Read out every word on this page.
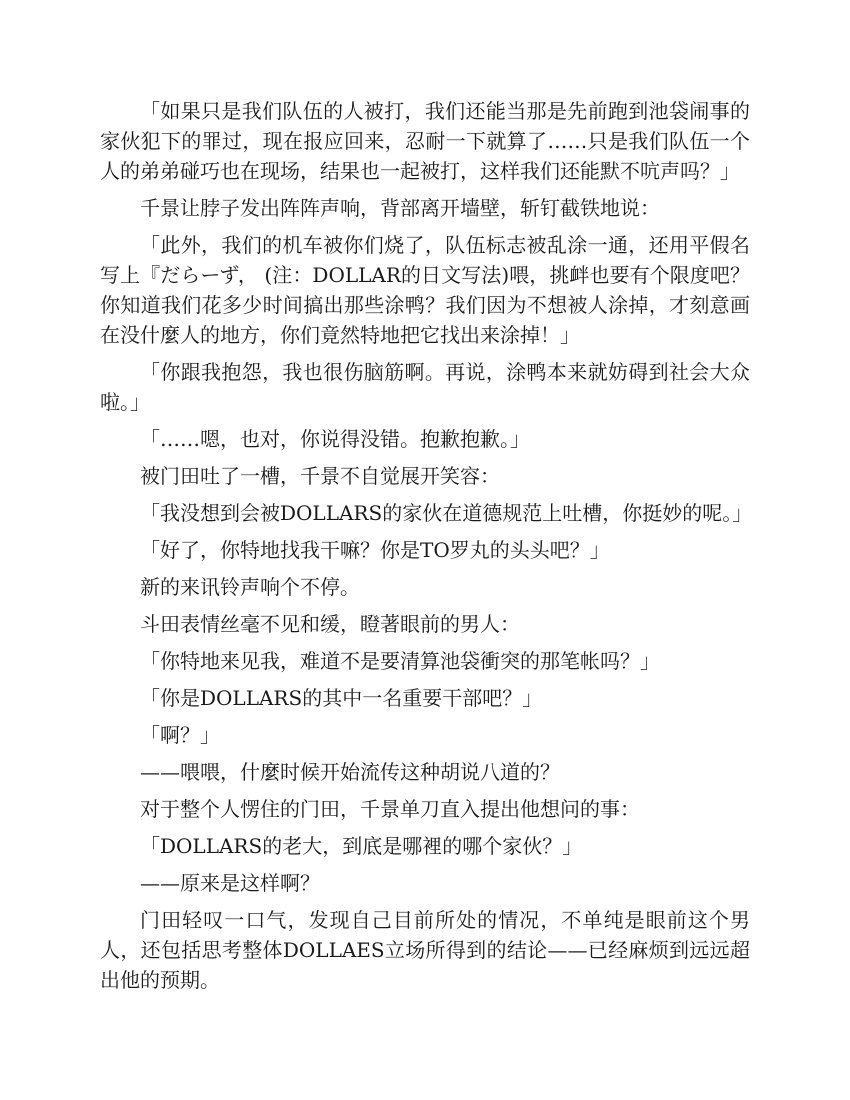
「如果只是我们队伍的人被打，我们还能当那是先前跑到池袋闹事的家伙犯下的罪过，现在报应回来，忍耐一下就算了……只是我们队伍一个人的弟弟碰巧也在现场，结果也一起被打，这样我们还能默不吭声吗？」

千景让脖子发出阵阵声响，背部离开墙壁，斩钉截铁地说：

「此外，我们的机车被你们烧了，队伍标志被乱涂一通，还用平假名写上『だらーず， (注：DOLLAR的日文写法)喂，挑衅也要有个限度吧？你知道我们花多少时间搞出那些涂鸭？我们因为不想被人涂掉，才刻意画在没什麼人的地方，你们竟然特地把它找出来涂掉！」

「你跟我抱怨，我也很伤脑筋啊。再说，涂鸭本来就妨碍到社会大众啦。」

「……嗯，也对，你说得没错。抱歉抱歉。」

被门田吐了一槽，千景不自觉展开笑容：

「我没想到会被DOLLARS的家伙在道德规范上吐槽，你挺妙的呢。」

「好了，你特地找我干嘛？你是TO罗丸的头头吧？」

新的来讯铃声响个不停。

斗田表情丝毫不见和缓，瞪著眼前的男人：

「你特地来见我，难道不是要清算池袋衝突的那笔帐吗？」

「你是DOLLARS的其中一名重要干部吧？」

「啊？」

——喂喂，什麼时候开始流传这种胡说八道的？

对于整个人愣住的门田，千景单刀直入提出他想问的事：

「DOLLARS的老大，到底是哪裡的哪个家伙？」

——原来是这样啊？

门田轻叹一口气，发现自己目前所处的情况，不单纯是眼前这个男人，还包括思考整体DOLLAES立场所得到的结论——已经麻烦到远远超出他的预期。
